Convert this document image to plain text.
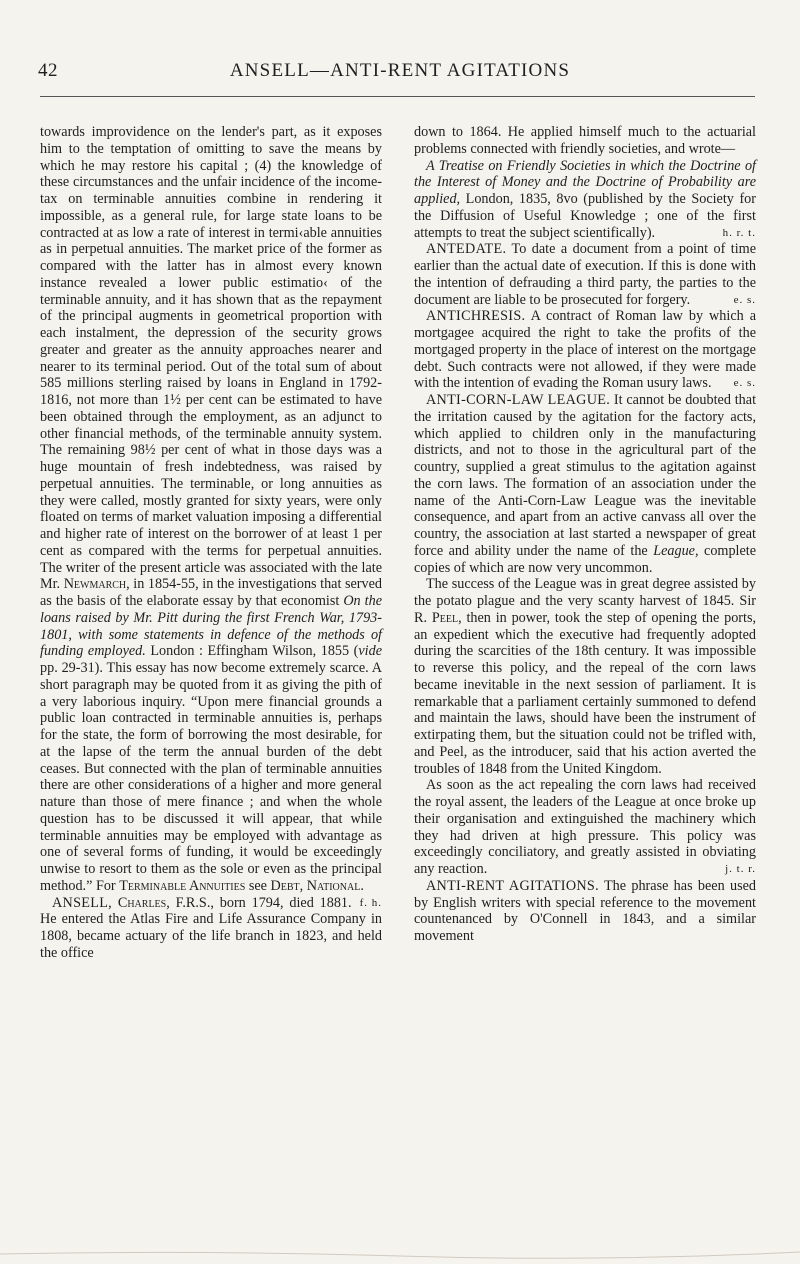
42	ANSELL—ANTI-RENT AGITATIONS

towards improvidence on the lender's part, as it exposes him to the temptation of omitting to save the means by which he may restore his capital ; (4) the knowledge of these circumstances and the unfair incidence of the income-tax on terminable annuities combine in rendering it impossible, as a general rule, for large state loans to be contracted at as low a rate of interest in termi‹able annuities as in perpetual annuities. The market price of the former as compared with the latter has in almost every known instance revealed a lower public estimatio‹ of the terminable annuity, and it has shown that as the repayment of the principal augments in geometrical proportion with each instalment, the depression of the security grows greater and greater as the annuity approaches nearer and nearer to its terminal period. Out of the total sum of about 585 millions sterling raised by loans in England in 1792-1816, not more than 1½ per cent can be estimated to have been obtained through the employment, as an adjunct to other financial methods, of the terminable annuity system. The remaining 98½ per cent of what in those days was a huge mountain of fresh indebtedness, was raised by perpetual annuities. The terminable, or long annuities as they were called, mostly granted for sixty years, were only floated on terms of market valuation imposing a differential and higher rate of interest on the borrower of at least 1 per cent as compared with the terms for perpetual annuities. The writer of the present article was associated with the late Mr. Newmarch, in 1854-55, in the investigations that served as the basis of the elaborate essay by that economist On the loans raised by Mr. Pitt during the first French War, 1793-1801, with some statements in defence of the methods of funding employed. London : Effingham Wilson, 1855 (vide pp. 29-31). This essay has now become extremely scarce. A short paragraph may be quoted from it as giving the pith of a very laborious inquiry. “Upon mere financial grounds a public loan contracted in terminable annuities is, perhaps for the state, the form of borrowing the most desirable, for at the lapse of the term the annual burden of the debt ceases. But connected with the plan of terminable annuities there are other considerations of a higher and more general nature than those of mere finance ; and when the whole question has to be discussed it will appear, that while terminable annuities may be employed with advantage as one of several forms of funding, it would be exceedingly unwise to resort to them as the sole or even as the principal method.” For Terminable Annuities see Debt, National.
f. h.

ANSELL, Charles, F.R.S., born 1794, died 1881. He entered the Atlas Fire and Life Assurance Company in 1808, became actuary of the life branch in 1823, and held the office

down to 1864. He applied himself much to the actuarial problems connected with friendly societies, and wrote—
A Treatise on Friendly Societies in which the Doctrine of the Interest of Money and the Doctrine of Probability are applied, London, 1835, 8vo (published by the Society for the Diffusion of Useful Knowledge ; one of the first attempts to treat the subject scientifically).	h. r. t.

ANTEDATE. To date a document from a point of time earlier than the actual date of execution. If this is done with the intention of defrauding a third party, the parties to the document are liable to be prosecuted for forgery.	e. s.

ANTICHRESIS. A contract of Roman law by which a mortgagee acquired the right to take the profits of the mortgaged property in the place of interest on the mortgage debt. Such contracts were not allowed, if they were made with the intention of evading the Roman usury laws.	e. s.

ANTI-CORN-LAW LEAGUE. It cannot be doubted that the irritation caused by the agitation for the factory acts, which applied to children only in the manufacturing districts, and not to those in the agricultural part of the country, supplied a great stimulus to the agitation against the corn laws. The formation of an association under the name of the Anti-Corn-Law League was the inevitable consequence, and apart from an active canvass all over the country, the association at last started a newspaper of great force and ability under the name of the League, complete copies of which are now very uncommon.

The success of the League was in great degree assisted by the potato plague and the very scanty harvest of 1845. Sir R. Peel, then in power, took the step of opening the ports, an expedient which the executive had frequently adopted during the scarcities of the 18th century. It was impossible to reverse this policy, and the repeal of the corn laws became inevitable in the next session of parliament. It is remarkable that a parliament certainly summoned to defend and maintain the laws, should have been the instrument of extirpating them, but the situation could not be trifled with, and Peel, as the introducer, said that his action averted the troubles of 1848 from the United Kingdom.

As soon as the act repealing the corn laws had received the royal assent, the leaders of the League at once broke up their organisation and extinguished the machinery which they had driven at high pressure. This policy was exceedingly conciliatory, and greatly assisted in obviating any reaction.	j. t. r.

ANTI-RENT AGITATIONS. The phrase has been used by English writers with special reference to the movement countenanced by O'Connell in 1843, and a similar movement
